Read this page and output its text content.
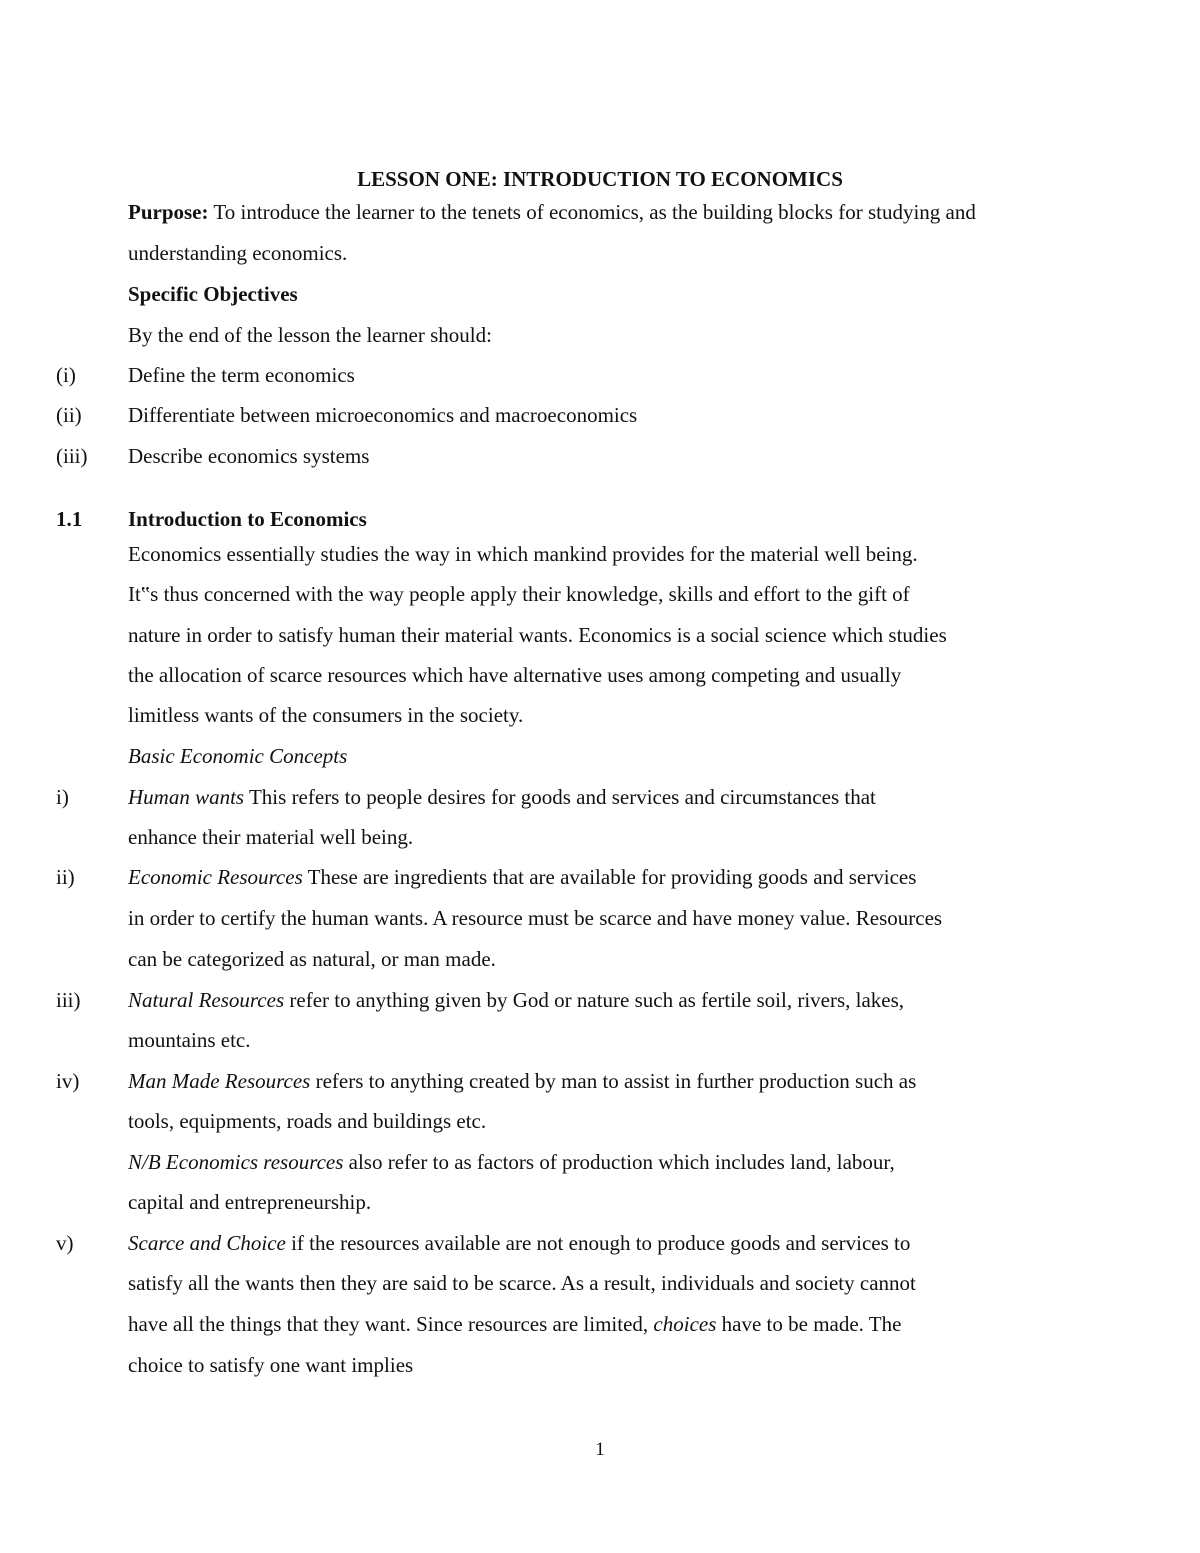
LESSON ONE: INTRODUCTION TO ECONOMICS
Purpose: To introduce the learner to the tenets of economics, as the building blocks for studying and
understanding economics.
Specific Objectives
By the end of the lesson the learner should:
(i) Define the term economics
(ii) Differentiate between microeconomics and macroeconomics
(iii) Describe economics systems
1.1 Introduction to Economics
Economics essentially studies the way in which mankind provides for the material well being.
It‟s thus concerned with the way people apply their knowledge, skills and effort to the gift of
nature in order to satisfy human their material wants. Economics is a social science which studies
the allocation of scarce resources which have alternative uses among competing and usually
limitless wants of the consumers in the society.
Basic Economic Concepts
i)	Human wants This refers to people desires for goods and services and circumstances that
enhance their material well being.
ii)	Economic Resources These are ingredients that are available for providing goods and services
in order to certify the human wants. A resource must be scarce and have money value. Resources
can be categorized as natural, or man made.
iii) Natural Resources refer to anything given by God or nature such as fertile soil, rivers, lakes,
mountains etc.
iv) Man Made Resources refers to anything created by man to assist in further production such as
tools, equipments, roads and buildings etc.
N/B Economics resources also refer to as factors of production which includes land, labour,
capital and entrepreneurship.
v)	Scarce and Choice if the resources available are not enough to produce goods and services to
satisfy all the wants then they are said to be scarce. As a result, individuals and society cannot
have all the things that they want. Since resources are limited, choices have to be made. The
choice to satisfy one want implies
1
